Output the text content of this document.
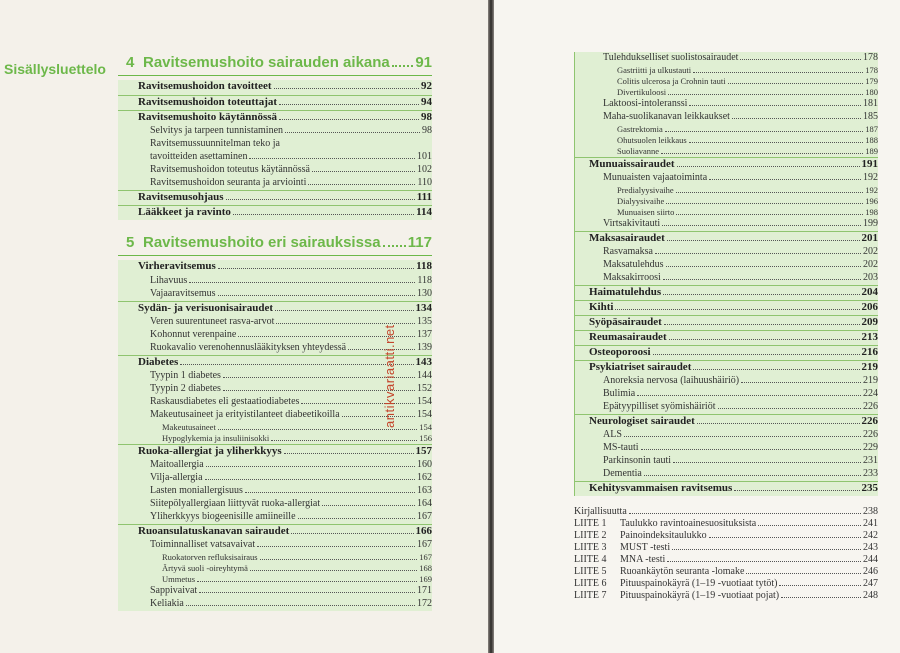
Sisällysluettelo 4 Ravitsemushoito sairauden aikana 91
Ravitsemushoidon tavoitteet	92
Ravitsemushoidon toteuttajat	94
Ravitsemushoito käytännössä	98
Selvitys ja tarpeen tunnistaminen	98
Ravitsemussuunnitelman teko ja
tavoitteiden asettaminen	101
Ravitsemushoidon toteutus käytännössä	102
Ravitsemushoidon seuranta ja arviointi	110
Ravitsemusohjaus	111
Lääkkeet ja ravinto	114
5 Ravitsemushoito eri sairauksissa 117
Virheravitsemus	118
Lihavuus	118
Vajaaravitsemus	130
Sydän- ja verisuonisairaudet	134
Veren suurentuneet rasva-arvot	135
Kohonnut verenpaine	137
Ruokavalio verenohennuslääkityksen yhteydessä	139
Diabetes	143
Tyypin 1 diabetes	144
Tyypin 2 diabetes	152
Raskausdiabetes eli gestaatiodiabetes	154
Makeutusaineet ja erityistilanteet diabeetikoilla	154
Makeutusaineet	154
Hypoglykemia ja insuliinisokki	156
Ruoka-allergiat ja yliherkkyys	157
Maitoallergia	160
Vilja-allergia	162
Lasten moniallergisuus	163
Siitepölyallergiaan liittyvät ruoka-allergiat	164
Yliherkkyys biogeenisille amiineille	167
Ruoansulatuskanavan sairaudet	166
Toiminnalliset vatsavaivat	167
Ruokatorven refluksisairaus	167
Ärtyvä suoli -oireyhtymä	168
Ummetus	169
Sappivaivat	171
Keliakia	172
antikvariaatti.net
Tulehdukselliset suolistosairaudet	178
Gastriitti ja ulkustauti	178
Colitis ulcerosa ja Crohnin tauti	179
Divertikuloosi	180
Laktoosi-intoleranssi	181
Maha-suolikanavan leikkaukset	185
Gastrektomia	187
Ohutsuolen leikkaus	188
Suoliavanne	189
Munuaissairaudet	191
Munuaisten vajaatoiminta	192
Predialyysivaihe	192
Dialyysivaihe	196
Munuaisen siirto	198
Virtsakivitauti	199
Maksasairaudet	201
Rasvamaksa	202
Maksatulehdus	202
Maksakirroosi	203
Haimatulehdus	204
Kihti	206
Syöpäsairaudet	209
Reumasairaudet	213
Osteoporoosi	216
Psykiatriset sairaudet	219
Anoreksia nervosa (laihuushäiriö)	219
Bulimia	224
Epätyypilliset syömishäiriöt	226
Neurologiset sairaudet	226
ALS	226
MS-tauti	229
Parkinsonin tauti	231
Dementia	233
Kehitysvammaisen ravitsemus	235
Kirjallisuutta	238
LIITE 1	Taulukko ravintoainesuosituksista	241
LIITE 2	Painoindeksitaulukko	242
LIITE 3	MUST -testi	243
LIITE 4	MNA -testi	244
LIITE 5	Ruoankäytön seuranta -lomake	246
LIITE 6	Pituuspainokäyrä (1–19 -vuotiaat tytöt)	247
LIITE 7	Pituuspainokäyrä (1–19 -vuotiaat pojat)	248
